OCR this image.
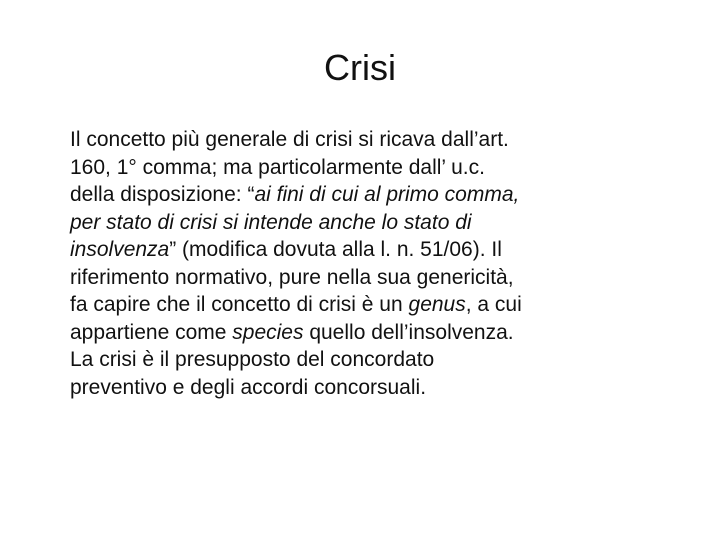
Crisi

Il concetto più generale di crisi si ricava dall’art.
160, 1° comma; ma particolarmente dall’ u.c.
della disposizione: “ai fini di cui al primo comma,
per stato di crisi si intende anche lo stato di
insolvenza” (modifica dovuta alla l. n. 51/06). Il
riferimento normativo, pure nella sua genericità,
fa capire che il concetto di crisi è un genus, a cui
appartiene come species quello dell’insolvenza.

La crisi è il presupposto del concordato
preventivo e degli accordi concorsuali.
